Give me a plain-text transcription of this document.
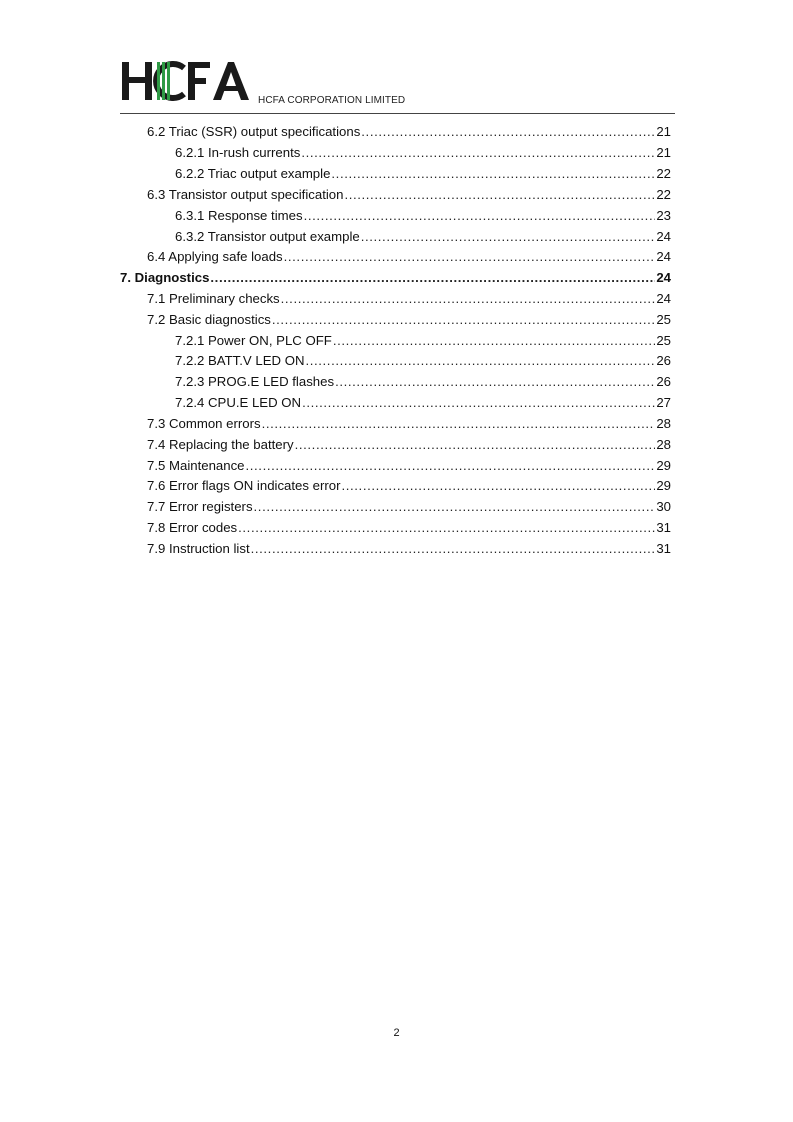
HCFA CORPORATION LIMITED
6.2 Triac (SSR) output specifications .....	21
6.2.1 In-rush currents .....	21
6.2.2 Triac output example .....	22
6.3 Transistor output specification .....	22
6.3.1 Response times .....	23
6.3.2 Transistor output example .....	24
6.4 Applying safe loads .....	24
7. Diagnostics .....	24
7.1 Preliminary checks .....	24
7.2 Basic diagnostics .....	25
7.2.1 Power ON, PLC OFF .....	25
7.2.2 BATT.V LED ON .....	26
7.2.3 PROG.E LED flashes .....	26
7.2.4 CPU.E LED ON .....	27
7.3 Common errors .....	28
7.4 Replacing the battery .....	28
7.5 Maintenance .....	29
7.6 Error flags ON indicates error .....	29
7.7 Error registers .....	30
7.8 Error codes .....	31
7.9 Instruction list .....	31
2
